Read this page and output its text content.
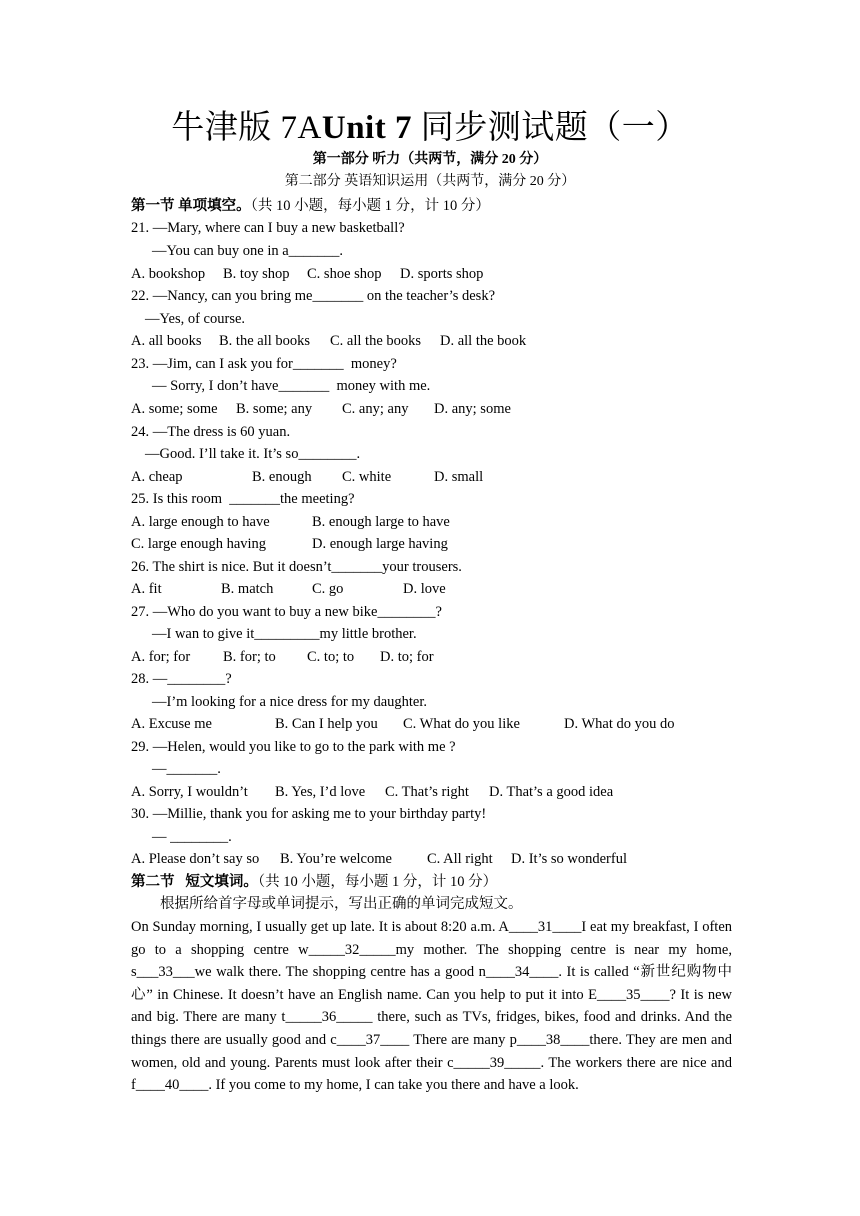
牛津版 7AUnit 7 同步测试题（一）
第一部分 听力（共两节，满分 20 分）
第二部分 英语知识运用（共两节，满分 20 分）
第一节 单项填空。（共 10 小题，每小题 1 分，计 10 分）
21. —Mary, where can I buy a new basketball?
—You can buy one in a_______.
A. bookshop B. toy shop C. shoe shop D. sports shop
22. —Nancy, can you bring me_______ on the teacher’s desk?
—Yes, of course.
A. all books B. the all books C. all the books D. all the book
23. —Jim, can I ask you for_______  money?
— Sorry, I don’t have_______  money with me.
A. some; some B. some; any C. any; any D. any; some
24. —The dress is 60 yuan.
—Good. I’ll take it. It’s so________.
A. cheap	B. enough C. white	D. small
25. Is this room  _______the meeting?
A. large enough to have	B. enough large to have
C. large enough having	D. enough large having
26. The shirt is nice. But it doesn’t_______your trousers.
A. fit	B. match	C. go	D. love
27. —Who do you want to buy a new bike________?
—I wan to give it_________my little brother.
A. for; for B. for; to C. to; to D. to; for
28. —________?
—I’m looking for a nice dress for my daughter.
A. Excuse me	B. Can I help you C. What do you like	D. What do you do
29. —Helen, would you like to go to the park with me ?
—_______.
A. Sorry, I wouldn’t B. Yes, I’d love C. That’s right D. That’s a good idea
30. —Millie, thank you for asking me to your birthday party!
— ________.
A. Please don’t say so B. You’re welcome C. All right D. It’s so wonderful
第二节   短文填词。（共 10 小题，每小题 1 分，计 10 分）
根据所给首字母或单词提示，写出正确的单词完成短文。
On Sunday morning, I usually get up late. It is about 8:20 a.m. A____31____I eat my breakfast, I often go to a shopping centre w_____32_____my mother. The shopping centre is near my home, s___33___we walk there. The shopping centre has a good n____34____. It is called “新世纪购物中心” in Chinese. It doesn’t have an English name. Can you help to put it into E____35____? It is new and big. There are many t_____36_____ there, such as TVs, fridges, bikes, food and drinks. And the things there are usually good and c____37____ There are many p____38____there. They are men and women, old and young. Parents must look after their c_____39_____. The workers there are nice and f____40____. If you come to my home, I can take you there and have a look.
